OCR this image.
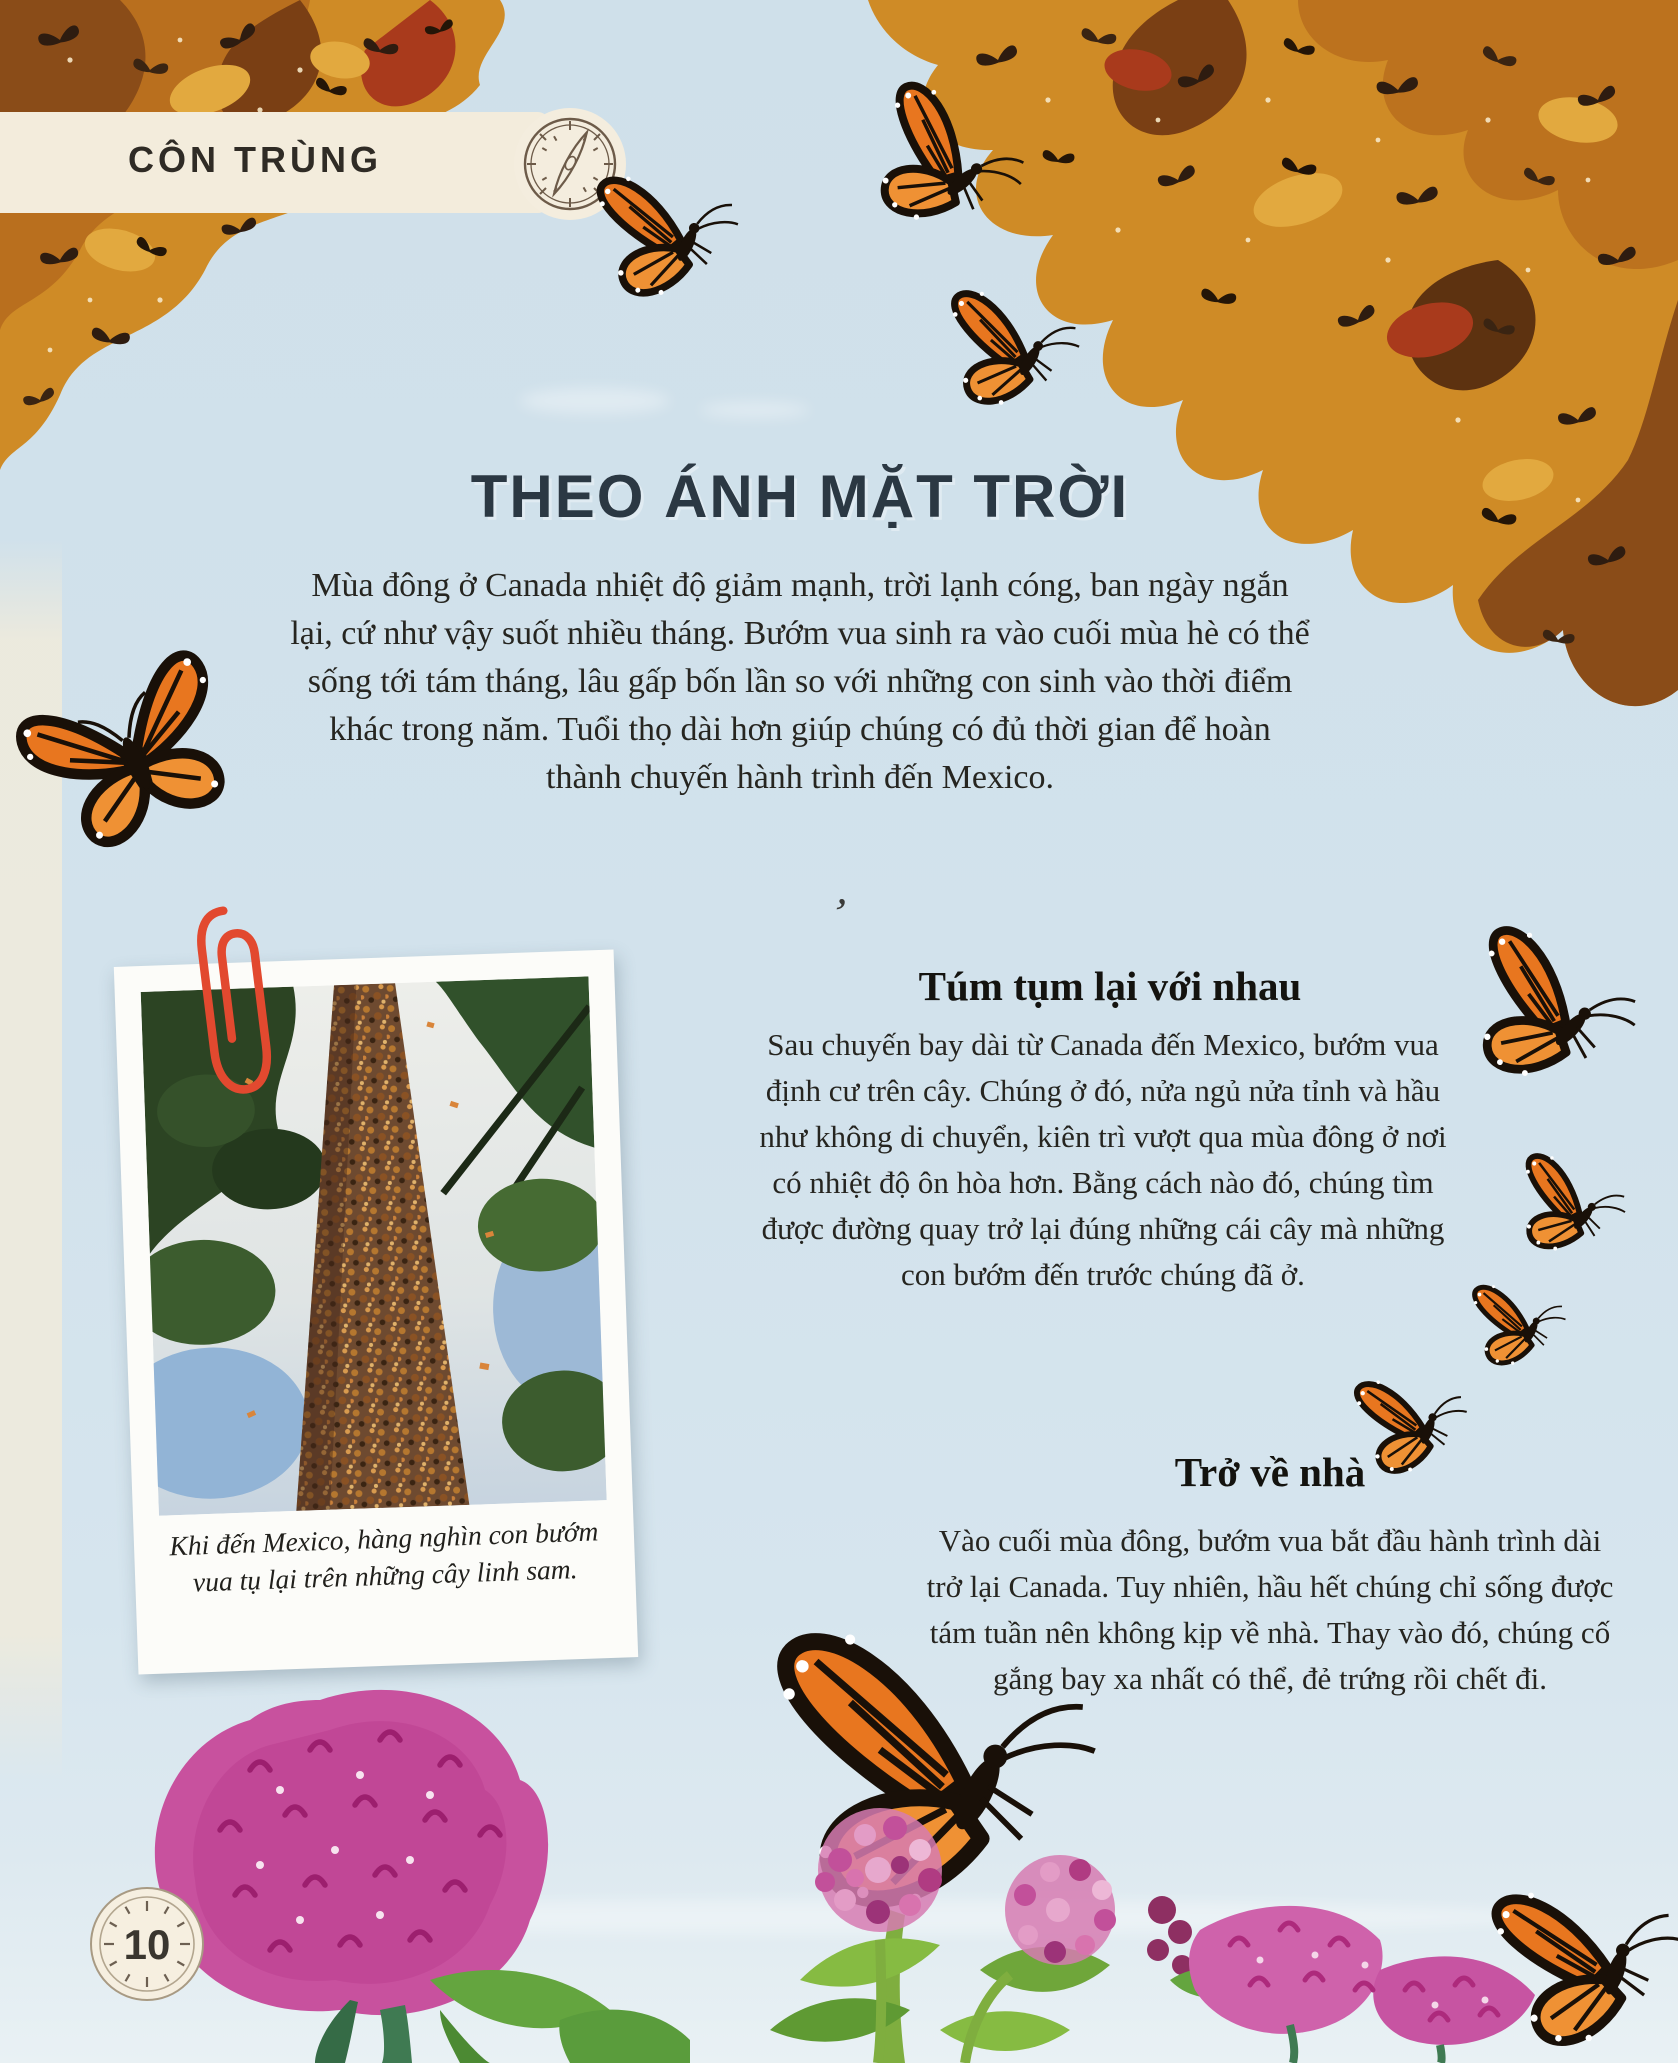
CÔN TRÙNG
THEO ÁNH MẶT TRỜI
Mùa đông ở Canada nhiệt độ giảm mạnh, trời lạnh cóng, ban ngày ngắn lại, cứ như vậy suốt nhiều tháng. Bướm vua sinh ra vào cuối mùa hè có thể sống tới tám tháng, lâu gấp bốn lần so với những con sinh vào thời điểm khác trong năm. Tuổi thọ dài hơn giúp chúng có đủ thời gian để hoàn thành chuyến hành trình đến Mexico.
’
Túm tụm lại với nhau
Sau chuyến bay dài từ Canada đến Mexico, bướm vua định cư trên cây. Chúng ở đó, nửa ngủ nửa tỉnh và hầu như không di chuyển, kiên trì vượt qua mùa đông ở nơi có nhiệt độ ôn hòa hơn. Bằng cách nào đó, chúng tìm được đường quay trở lại đúng những cái cây mà những con bướm đến trước chúng đã ở.
Trở về nhà
Vào cuối mùa đông, bướm vua bắt đầu hành trình dài trở lại Canada. Tuy nhiên, hầu hết chúng chỉ sống được tám tuần nên không kịp về nhà. Thay vào đó, chúng cố gắng bay xa nhất có thể, đẻ trứng rồi chết đi.
Khi đến Mexico, hàng nghìn con bướm vua tụ lại trên những cây linh sam.
10
